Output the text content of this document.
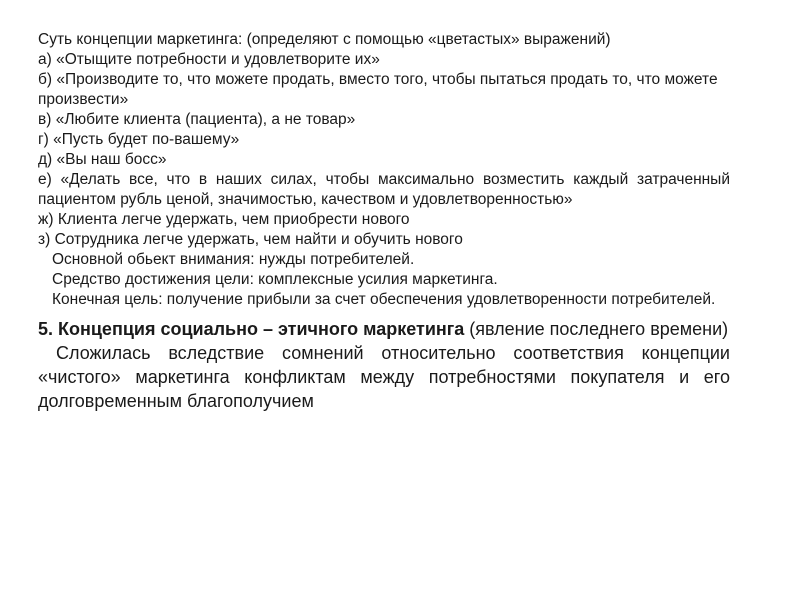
Суть концепции маркетинга: (определяют с помощью «цветастых» выражений)

а) «Отыщите потребности и удовлетворите их»

б) «Производите то, что можете продать, вместо того, чтобы пытаться продать то, что можете произвести»

в) «Любите клиента (пациента), а не товар»

г) «Пусть будет по-вашему»

д) «Вы наш босс»

е) «Делать все, что в наших силах, чтобы максимально возместить каждый затраченный пациентом рубль ценой, значимостью, качеством и удовлетворенностью»

ж) Клиента легче удержать, чем приобрести нового

з) Сотрудника легче удержать, чем найти и обучить нового

Основной обьект внимания: нужды потребителей.

Средство достижения цели: комплексные усилия маркетинга.

Конечная цель: получение прибыли за счет обеспечения удовлетворенности потребителей.

5. Концепция социально – этичного маркетинга (явление последнего времени)

Сложилась вследствие сомнений относительно соответствия концепции «чистого» маркетинга конфликтам между потребностями покупателя и его долговременным благополучием
